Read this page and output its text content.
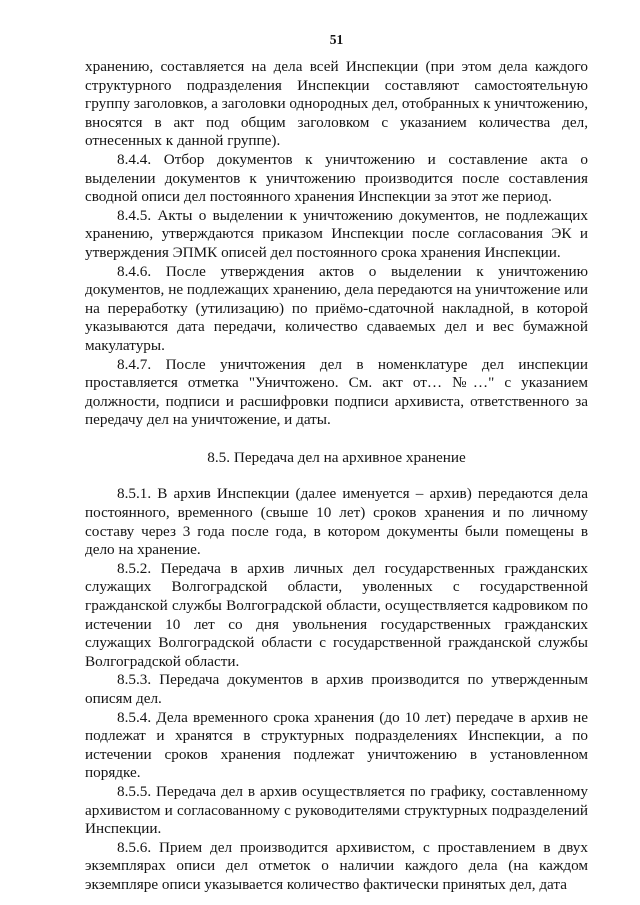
51

хранению, составляется на дела всей Инспекции (при этом дела каждого структурного подразделения Инспекции составляют самостоятельную группу заголовков, а заголовки однородных дел, отобранных к уничтожению, вносятся в акт под общим заголовком с указанием количества дел, отнесенных к данной группе).

8.4.4. Отбор документов к уничтожению и составление акта о выделении документов к уничтожению производится после составления сводной описи дел постоянного хранения Инспекции за этот же период.

8.4.5. Акты о выделении к уничтожению документов, не подлежащих хранению, утверждаются приказом Инспекции после согласования ЭК и утверждения ЭПМК описей дел постоянного срока хранения Инспекции.

8.4.6. После утверждения актов о выделении к уничтожению документов, не подлежащих хранению, дела передаются на уничтожение или на переработку (утилизацию) по приёмо-сдаточной накладной, в которой указываются дата передачи, количество сдаваемых дел и вес бумажной макулатуры.

8.4.7. После уничтожения дел в номенклатуре дел инспекции проставляется отметка "Уничтожено. См. акт от… №…" с указанием должности, подписи и расшифровки подписи архивиста, ответственного за передачу дел на уничтожение, и даты.

8.5. Передача дел на архивное хранение

8.5.1. В архив Инспекции (далее именуется – архив) передаются дела постоянного, временного (свыше 10 лет) сроков хранения и по личному составу через 3 года после года, в котором документы были помещены в дело на хранение.

8.5.2. Передача в архив личных дел государственных гражданских служащих Волгоградской области, уволенных с государственной гражданской службы Волгоградской области, осуществляется кадровиком по истечении 10 лет со дня увольнения государственных гражданских служащих Волгоградской области с государственной гражданской службы Волгоградской области.

8.5.3. Передача документов в архив производится по утвержденным описям дел.

8.5.4. Дела временного срока хранения (до 10 лет) передаче в архив не подлежат и хранятся в структурных подразделениях Инспекции, а по истечении сроков хранения подлежат уничтожению в установленном порядке.

8.5.5. Передача дел в архив осуществляется по графику, составленному архивистом и согласованному с руководителями структурных подразделений Инспекции.

8.5.6. Прием дел производится архивистом, с проставлением в двух экземплярах описи дел отметок о наличии каждого дела (на каждом экземпляре описи указывается количество фактически принятых дел, дата
